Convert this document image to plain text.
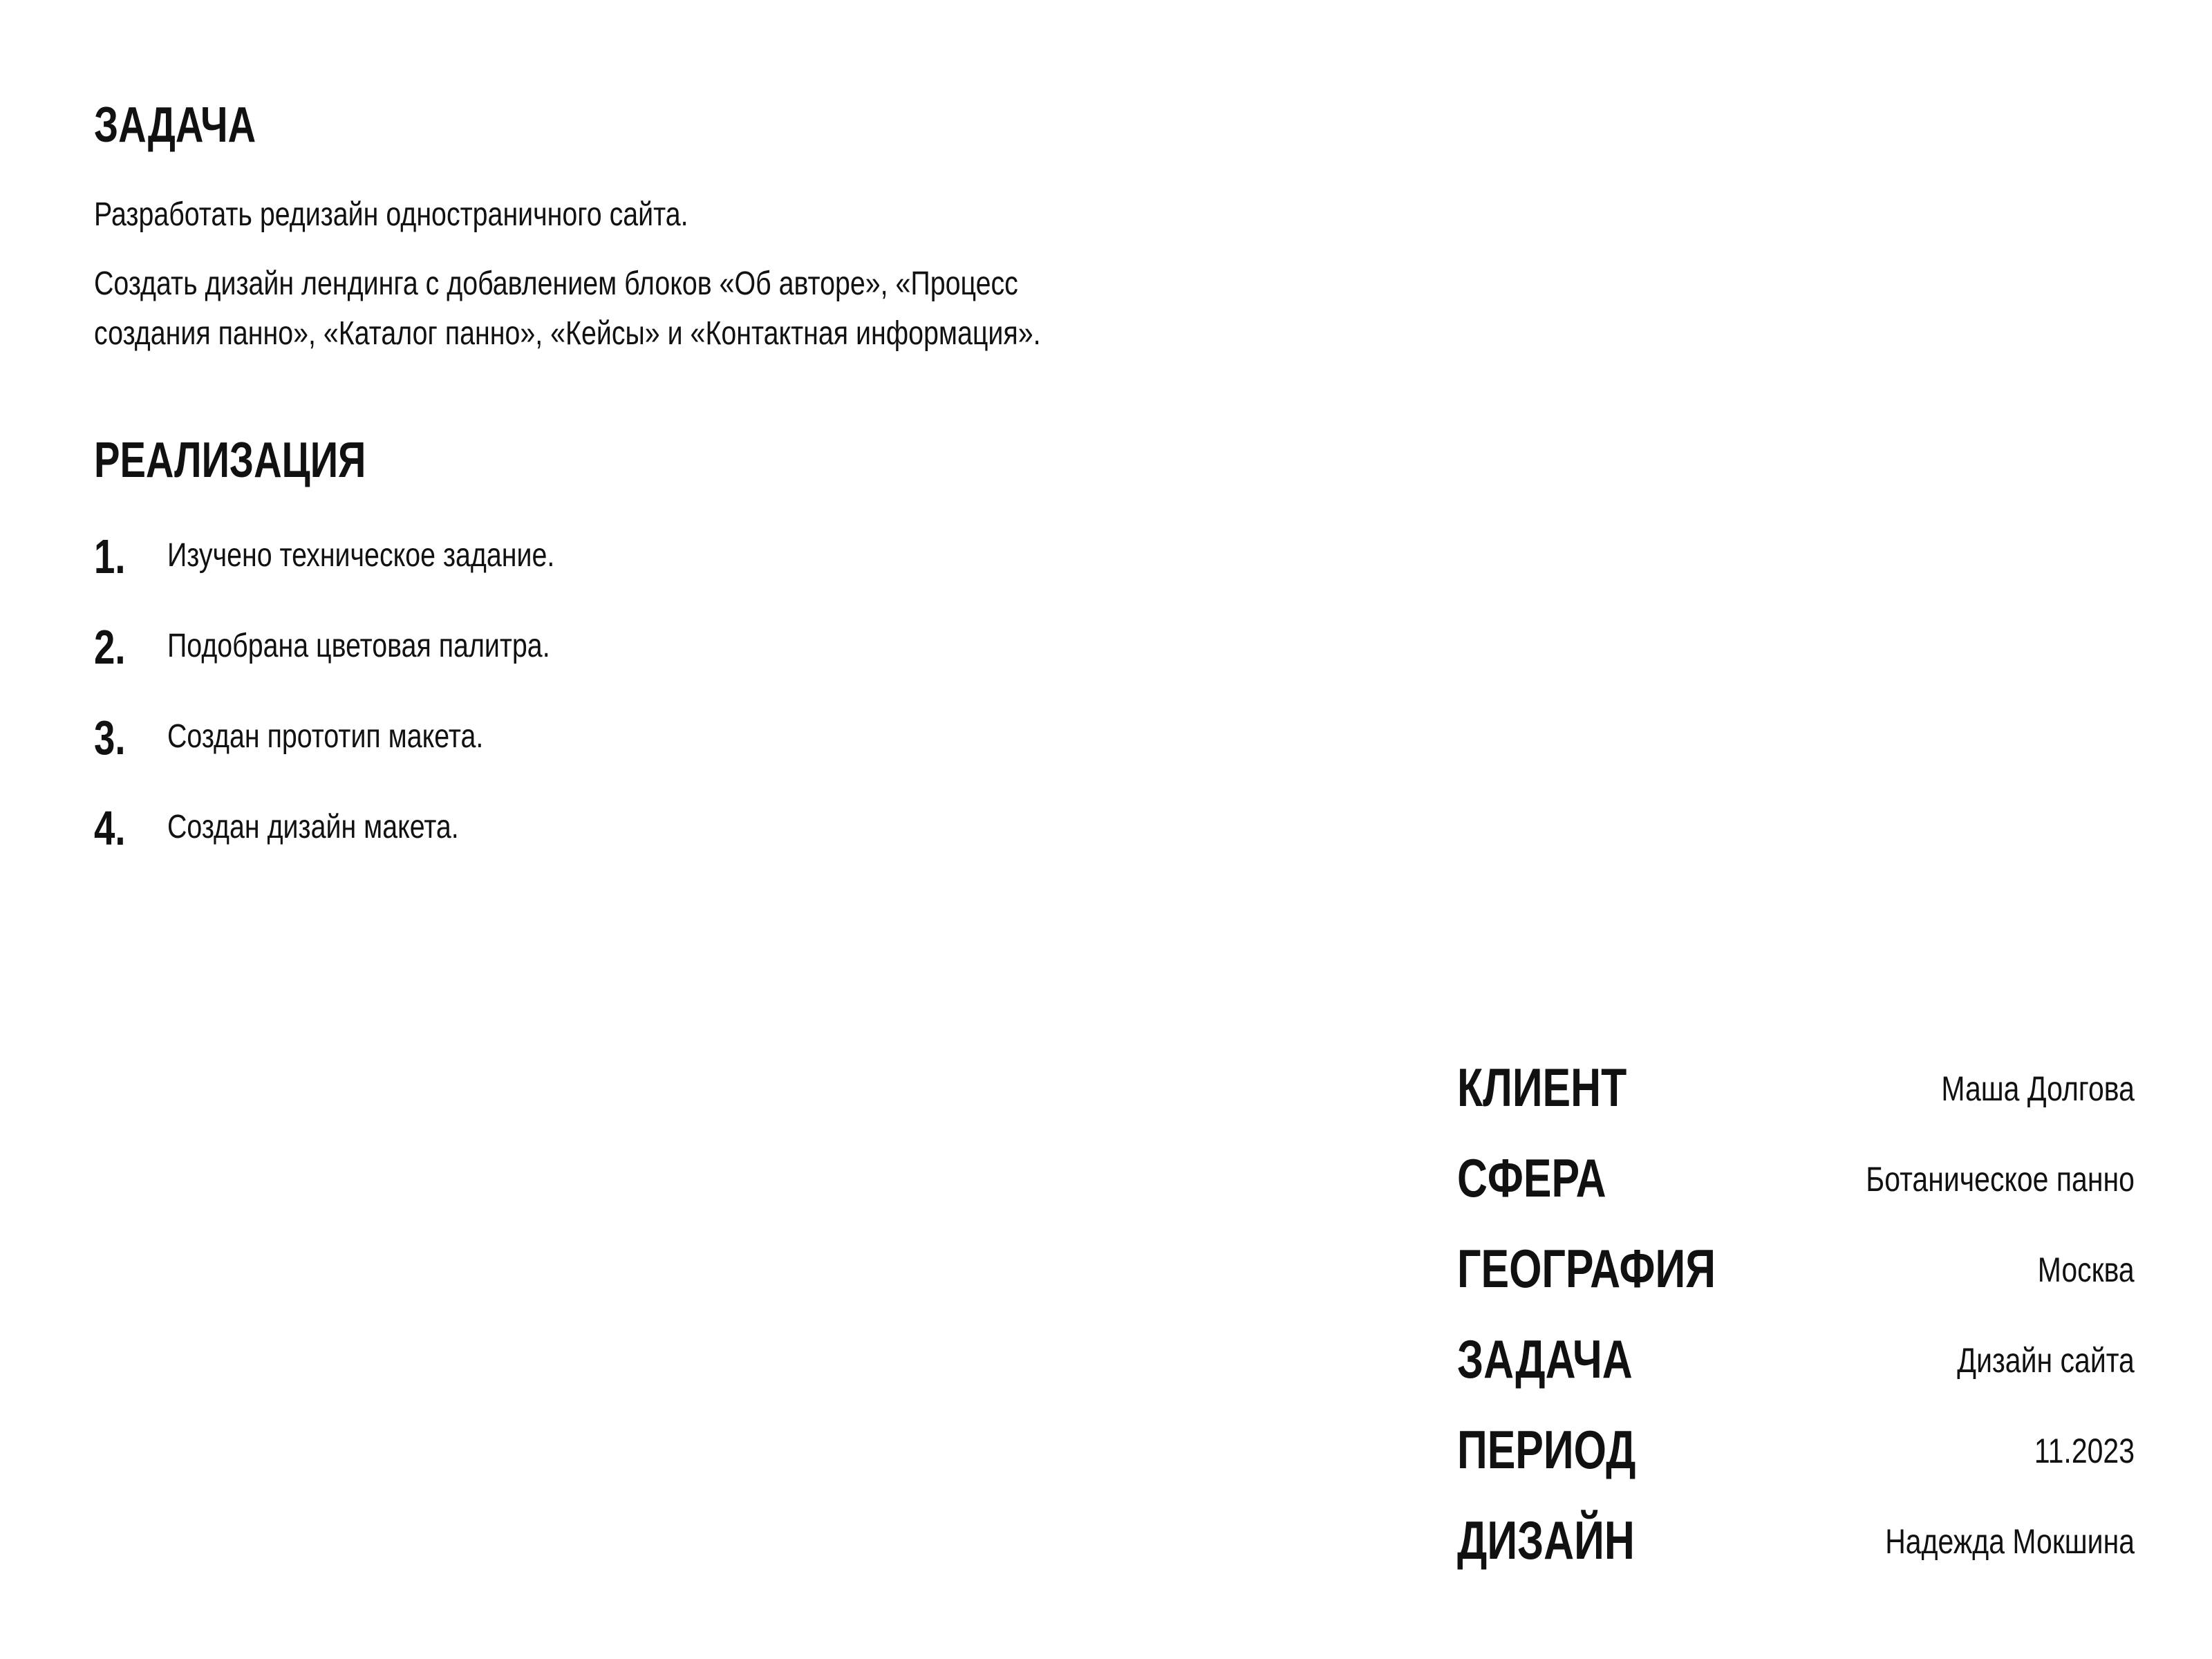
ЗАДАЧА

Разработать редизайн одностраничного сайта.

Создать дизайн лендинга с добавлением блоков «Об авторе», «Процесс
создания панно», «Каталог панно», «Кейсы» и «Контактная информация».
РЕАЛИЗАЦИЯ
1. Изучено техническое задание.
2. Подобрана цветовая палитра.
3. Создан прототип макета.
4. Создан дизайн макета.
КЛИЕНТ	Маша Долгова
СФЕРА	Ботаническое панно
ГЕОГРАФИЯ	Москва
ЗАДАЧА	Дизайн сайта
ПЕРИОД	11.2023
ДИЗАЙН	Надежда Мокшина
